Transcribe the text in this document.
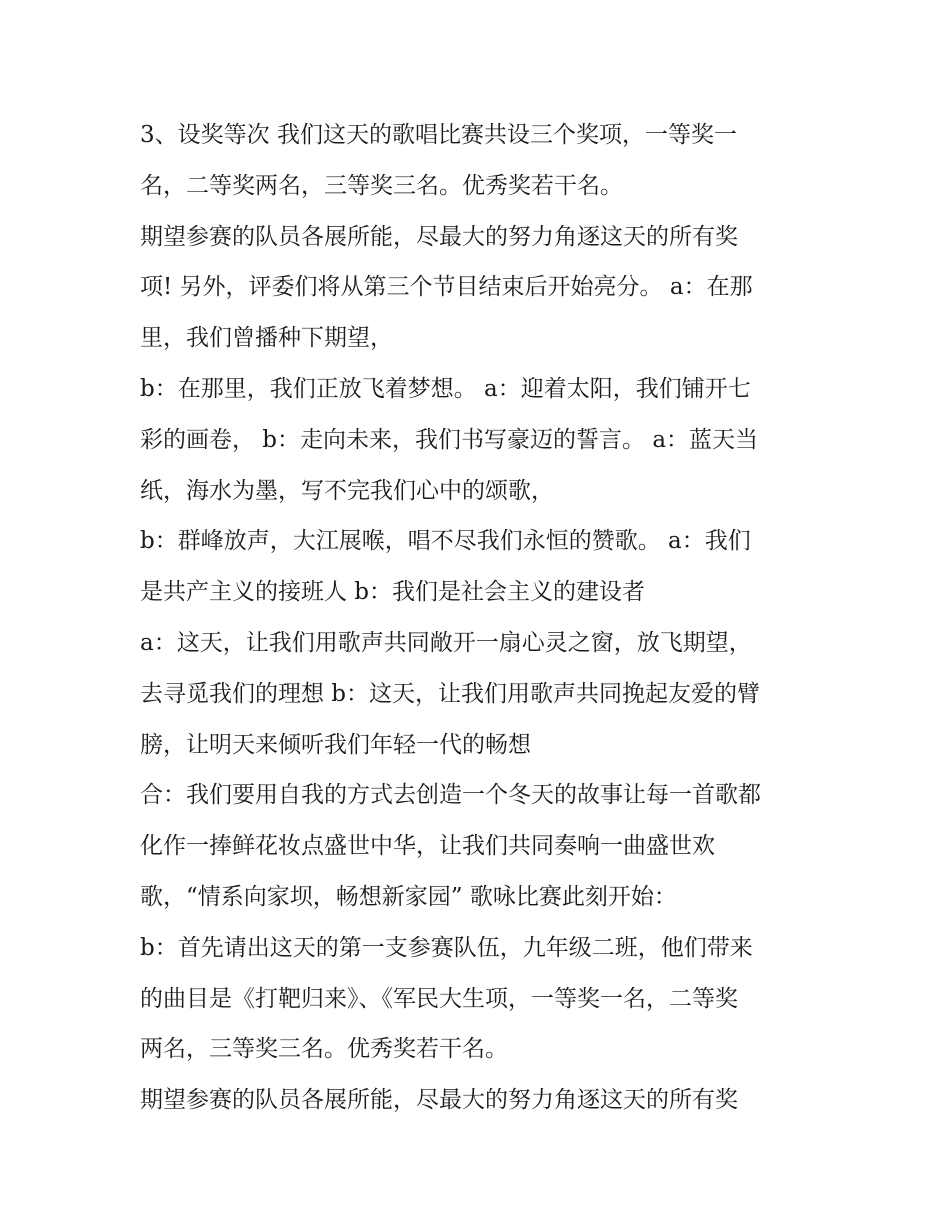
3、设奖等次 我们这天的歌唱比赛共设三个奖项，一等奖一
名，二等奖两名，三等奖三名。优秀奖若干名。
期望参赛的队员各展所能，尽最大的努力角逐这天的所有奖
项! 另外，评委们将从第三个节目结束后开始亮分。 a：在那
里，我们曾播种下期望，
b：在那里，我们正放飞着梦想。 a：迎着太阳，我们铺开七
彩的画卷， b：走向未来，我们书写豪迈的誓言。 a：蓝天当
纸，海水为墨，写不完我们心中的颂歌，
b：群峰放声，大江展喉，唱不尽我们永恒的赞歌。 a：我们
是共产主义的接班人 b：我们是社会主义的建设者
a：这天，让我们用歌声共同敞开一扇心灵之窗，放飞期望，
去寻觅我们的理想 b：这天，让我们用歌声共同挽起友爱的臂
膀，让明天来倾听我们年轻一代的畅想
合：我们要用自我的方式去创造一个冬天的故事让每一首歌都
化作一捧鲜花妆点盛世中华，让我们共同奏响一曲盛世欢
歌，“情系向家坝，畅想新家园” 歌咏比赛此刻开始：
b：首先请出这天的第一支参赛队伍，九年级二班，他们带来
的曲目是《打靶归来》、《军民大生项，一等奖一名，二等奖
两名，三等奖三名。优秀奖若干名。
期望参赛的队员各展所能，尽最大的努力角逐这天的所有奖
